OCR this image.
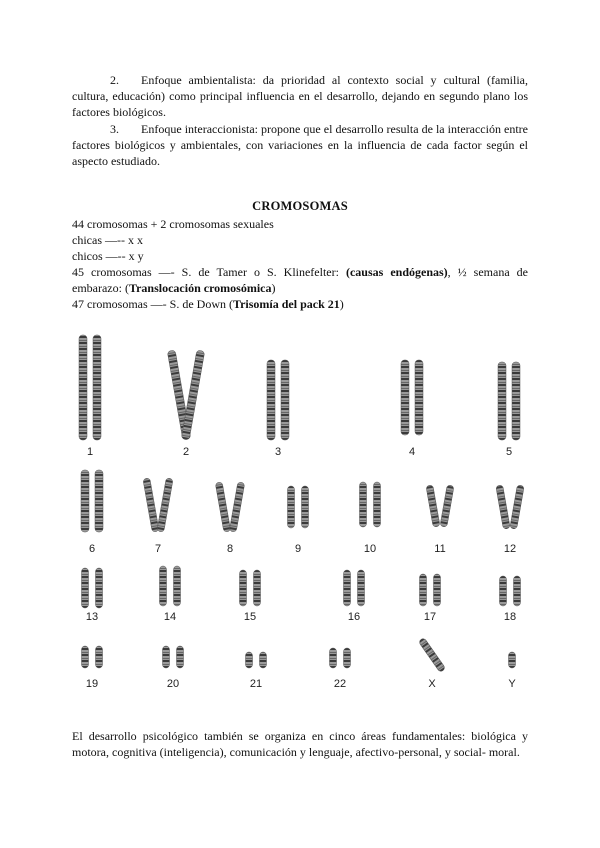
2. Enfoque ambientalista: da prioridad al contexto social y cultural (familia, cultura, educación) como principal influencia en el desarrollo, dejando en segundo plano los factores biológicos.
3. Enfoque interaccionista: propone que el desarrollo resulta de la interacción entre factores biológicos y ambientales, con variaciones en la influencia de cada factor según el aspecto estudiado.
CROMOSOMAS
44 cromosomas + 2 cromosomas sexuales
chicas —-- x x
chicos —-- x y
45 cromosomas —- S. de Tamer o S. Klinefelter: (causas endógenas), ½ semana de
embarazo: (Translocación cromosómica)
47 cromosomas —- S. de Down (Trisomía del pack 21)
1	2	3	4	5
6	7	8	9	10	11	12
13	14	15	16	17	18
19	20	21	22	X	Y
El desarrollo psicológico también se organiza en cinco áreas fundamentales: biológica y motora, cognitiva (inteligencia), comunicación y lenguaje, afectivo-personal, y social- moral.
